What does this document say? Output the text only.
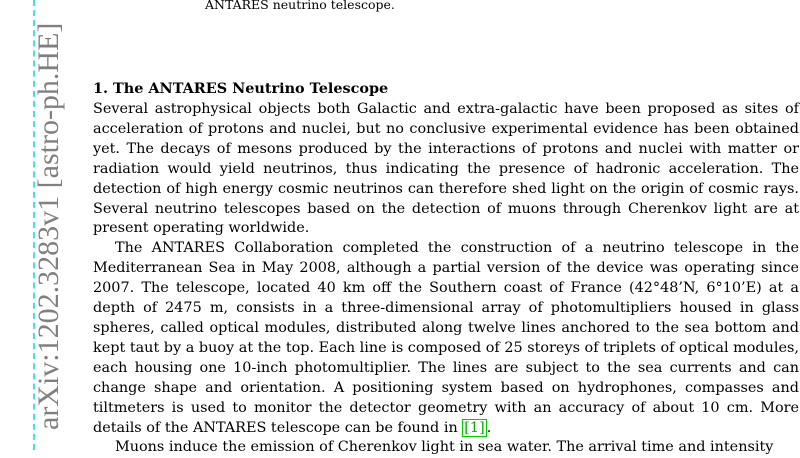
arXiv:1202.3283v1 [astro-ph.HE]
ANTARES neutrino telescope.
1. The ANTARES Neutrino Telescope

Several astrophysical objects both Galactic and extra-galactic have been proposed as sites of acceleration of protons and nuclei, but no conclusive experimental evidence has been obtained yet. The decays of mesons produced by the interactions of protons and nuclei with matter or radiation would yield neutrinos, thus indicating the presence of hadronic acceleration. The detection of high energy cosmic neutrinos can therefore shed light on the origin of cosmic rays. Several neutrino telescopes based on the detection of muons through Cherenkov light are at present operating worldwide.

The ANTARES Collaboration completed the construction of a neutrino telescope in the Mediterranean Sea in May 2008, although a partial version of the device was operating since 2007. The telescope, located 40 km off the Southern coast of France (42°48’N, 6°10’E) at a depth of 2475 m, consists in a three-dimensional array of photomultipliers housed in glass spheres, called optical modules, distributed along twelve lines anchored to the sea bottom and kept taut by a buoy at the top. Each line is composed of 25 storeys of triplets of optical modules, each housing one 10-inch photomultiplier. The lines are subject to the sea currents and can change shape and orientation. A positioning system based on hydrophones, compasses and tiltmeters is used to monitor the detector geometry with an accuracy of about 10 cm. More details of the ANTARES telescope can be found in [1] .

Muons induce the emission of Cherenkov light in sea water. The arrival time and intensity
